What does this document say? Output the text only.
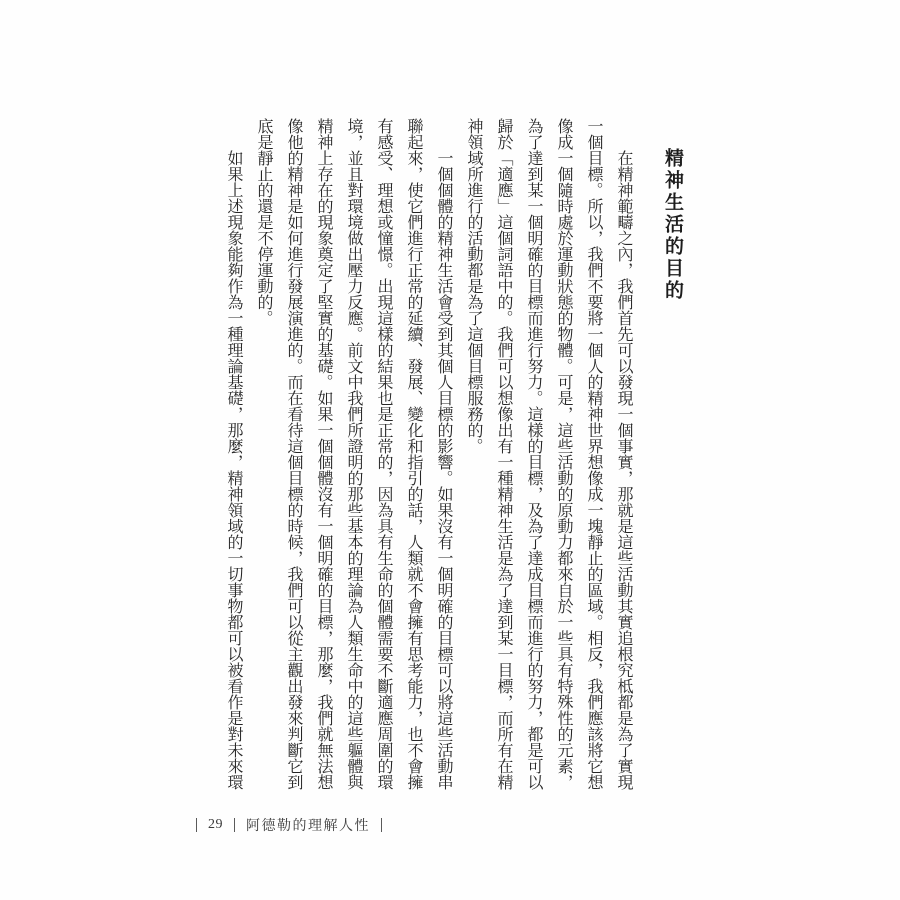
精神生活的目的

在精神範疇之內，我們首先可以發現一個事實，那就是這些活動其實追根究柢都是為了實現一個目標。所以，我們不要將一個人的精神世界想像成一塊靜止的區域。相反，我們應該將它想像成一個隨時處於運動狀態的物體。可是，這些活動的原動力都來自於一些具有特殊性的元素，為了達到某一個明確的目標而進行努力。這樣的目標，及為了達成目標而進行的努力，都是可以歸於「適應」這個詞語中的。我們可以想像出有一種精神生活是為了達到某一目標，而所有在精神領域所進行的活動都是為了這個目標服務的。

一個個體的精神生活會受到其個人目標的影響。如果沒有一個明確的目標可以將這些活動串聯起來，使它們進行正常的延續、發展、變化和指引的話，人類就不會擁有思考能力，也不會擁有感受、理想或憧憬。出現這樣的結果也是正常的，因為具有生命的個體需要不斷適應周圍的環境，並且對環境做出壓力反應。前文中我們所證明的那些基本的理論為人類生命中的這些軀體與精神上存在的現象奠定了堅實的基礎。如果一個個體沒有一個明確的目標，那麼，我們就無法想像他的精神是如何進行發展演進的。而在看待這個目標的時候，我們可以從主觀出發來判斷它到底是靜止的還是不停運動的。

如果上述現象能夠作為一種理論基礎，那麼，精神領域的一切事物都可以被看作是對未來環

29 阿德勒的理解人性
